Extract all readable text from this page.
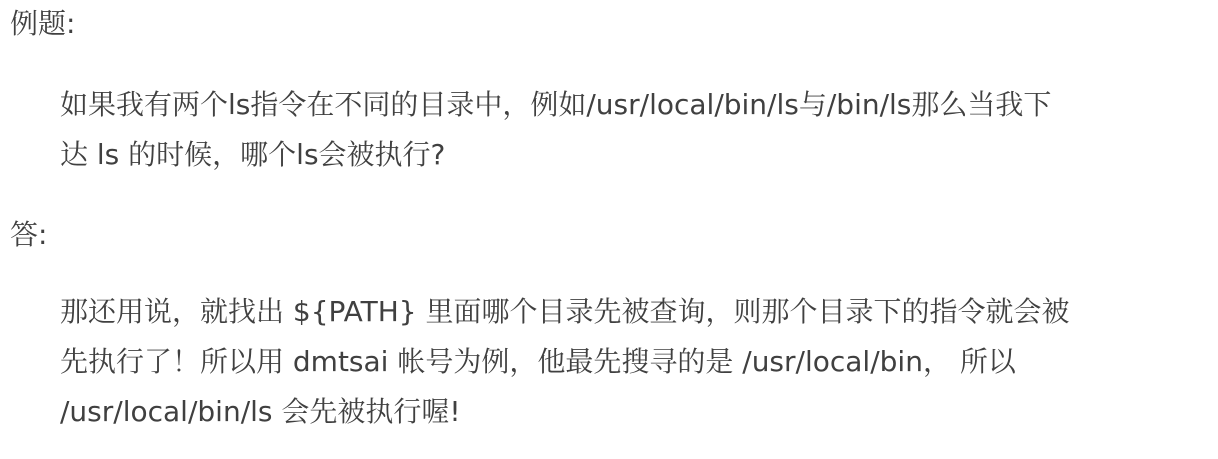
例题:

如果我有两个ls指令在不同的目录中，例如/usr/local/bin/ls与/bin/ls那么当我下
达 ls 的时候，哪个ls会被执行?

答:

那还用说，就找出 ${PATH} 里面哪个目录先被查询，则那个目录下的指令就会被
先执行了！所以用 dmtsai 帐号为例，他最先搜寻的是 /usr/local/bin， 所以
/usr/local/bin/ls 会先被执行喔!
